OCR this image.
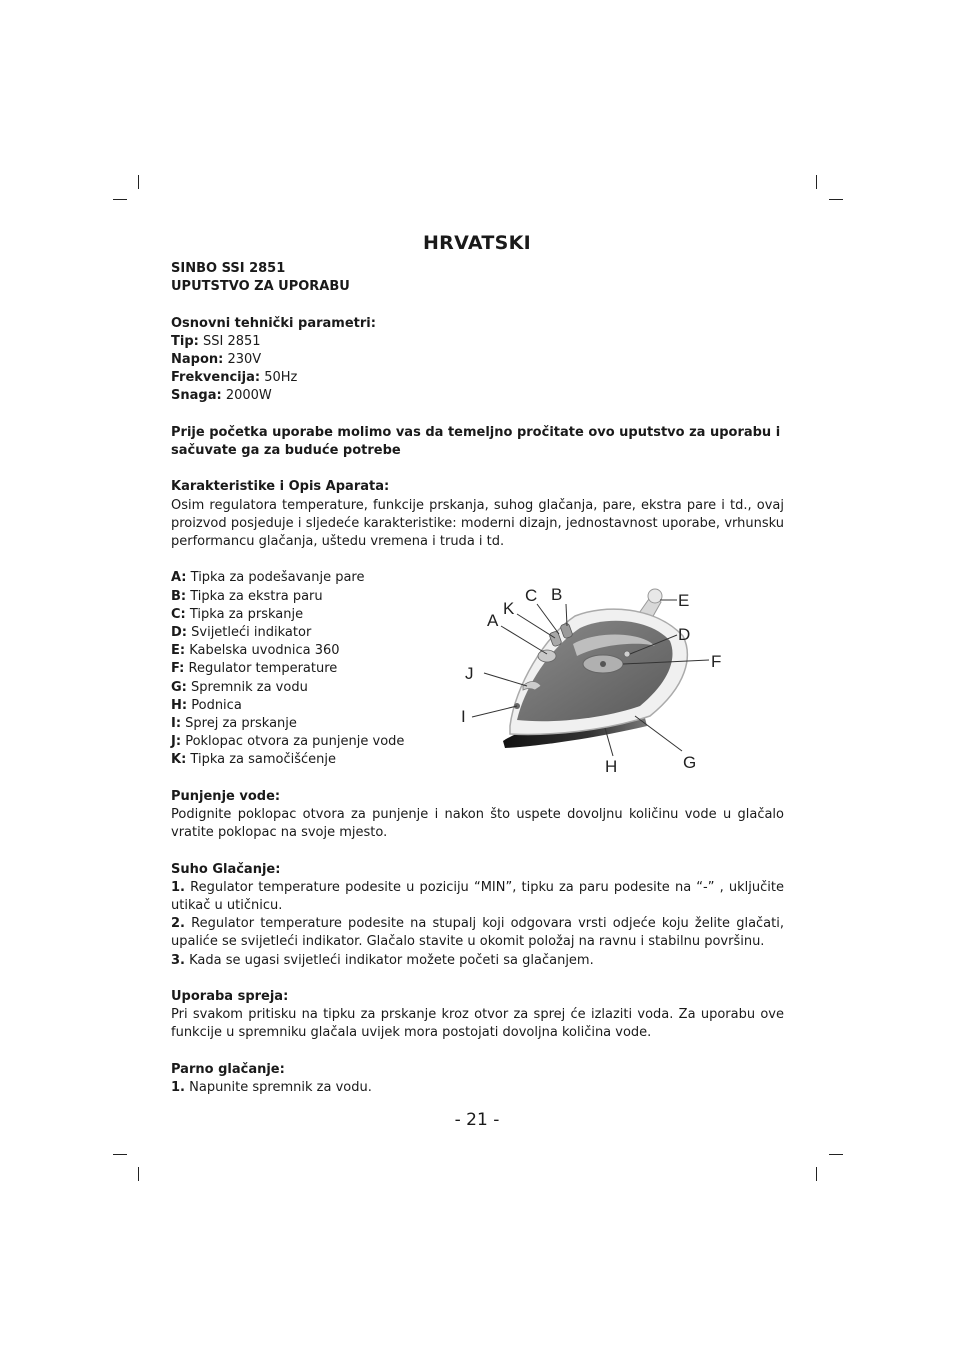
HRVATSKI

SINBO SSI 2851

UPUTSTVO ZA UPORABU

Osnovni tehnički parametri:

Tip: SSI 2851

Napon: 230V

Frekvencija: 50Hz

Snaga: 2000W

Prije početka uporabe molimo vas da temeljno pročitate ovo uputstvo za uporabu i sačuvate ga za buduće potrebe

Karakteristike i Opis Aparata:

Osim regulatora temperature, funkcije prskanja, suhog glačanja, pare, ekstra pare i td., ovaj proizvod posjeduje i sljedeće karakteristike: moderni dizajn, jednostavnost uporabe, vrhunsku performancu glačanja, uštedu vremena i truda i td.

A: Tipka za podešavanje pare

B: Tipka za ekstra paru

C: Tipka za prskanje

D: Svijetleći indikator

E: Kabelska uvodnica 360

F: Regulator temperature

G: Spremnik za vodu

H: Podnica

I: Sprej za prskanje

J: Poklopac otvora za punjenje vode

K: Tipka za samočišćenje

Punjenje vode:

Podignite poklopac otvora za punjenje i nakon što uspete dovoljnu količinu vode u glačalo vratite poklopac na svoje mjesto.

Suho Glačanje:

1. Regulator temperature podesite u poziciju “MIN”, tipku za paru podesite na “-” , uključite utikač u utičnicu.

2. Regulator temperature podesite na stupalj koji odgovara vrsti odjeće koju želite glačati, upaliće se svijetleći indikator. Glačalo stavite u okomit položaj na ravnu i stabilnu površinu.

3. Kada se ugasi svijetleći indikator možete početi sa glačanjem.

Uporaba spreja:

Pri svakom pritisku na tipku za prskanje kroz otvor za sprej će izlaziti voda. Za uporabu ove funkcije u spremniku glačala uvijek mora postojati dovoljna količina vode.

Parno glačanje:

1. Napunite spremnik za vodu.

A
K
C B	E
D
F
J
I
G
H
- 21 -
